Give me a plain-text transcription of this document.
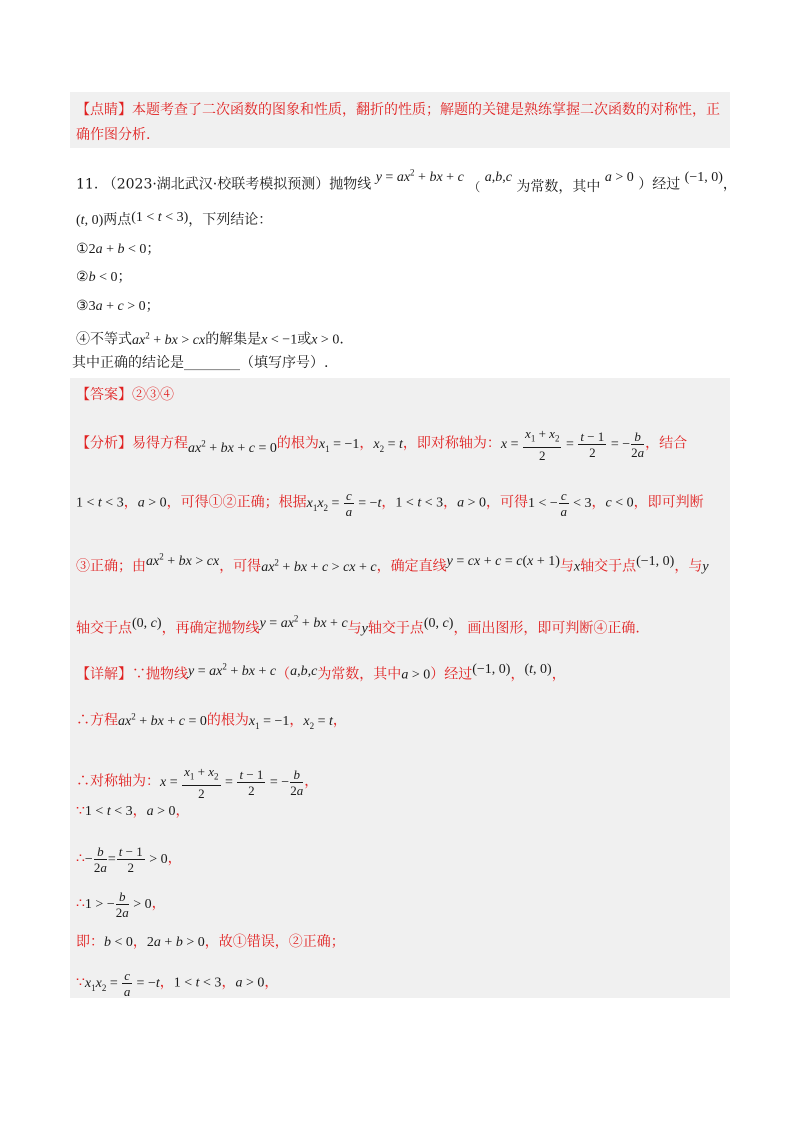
【点睛】本题考查了二次函数的图象和性质，翻折的性质；解题的关键是熟练掌握二次函数的对称性，正
确作图分析.
11. （2023·湖北武汉·校联考模拟预测）抛物线 $y = ax^2$ + bx + c （ a,b,c 为常数，其中 a > 0 ）经过 (−1, 0)，
(t, 0)两点(1 < t < 3)，下列结论：
①2a + b < 0；
②b < 0；
③3a + c > 0；
④不等式$ax^2$ + bx > cx的解集是x < −1或x > 0.
其中正确的结论是________（填写序号）.
【答案】②③④
【分析】易得方程$ax^2$ + bx + c = 0的根为$x_1 = -1$，$x_2 = t$，即对称轴为：$x = \frac{x_1 + x_2}{2} = \frac{t - 1}{2}$ = − $\frac{b}{2a}$ ，结合
1 < t < 3，a > 0，可得①②正确；根据$x_1x_2 = \frac{c}{a} = -t$，1 < t < 3，a > 0，可得1 < − $\frac{c}{a} < 3$，c < 0，即可判断
③正确；由$ax^2$ + bx > cx，可得$ax^2$ + bx + c > cx + c，确定直线y = cx + c = c(x + 1)与x轴交于点(−1, 0)，与y
轴交于点(0, c)，再确定抛物线$y = ax^2$ + bx + c与y轴交于点(0, c)，画出图形，即可判断④正确.
【详解】∵抛物线$y = ax^2$ + bx + c（a,b,c为常数，其中a > 0）经过(−1, 0)，(t, 0)，
∴方程$ax^2$ + bx + c = 0的根为$x_1 = -1$，$x_2 = t$，
∴对称轴为：$x = \frac{x_1 + x_2}{2} = \frac{t - 1}{2}$ = − $\frac{b}{2a}$ ，
∵1 < t < 3，a > 0，
∴− $\frac{b}{2a} = \frac{t - 1}{2} > 0$，
∴1 > − $\frac{b}{2a} > 0$，
即：b < 0，2a + b > 0，故①错误，②正确；
$\because x_1x_2 = \frac{c}{a} = -t$，1 < t < 3，a > 0，
